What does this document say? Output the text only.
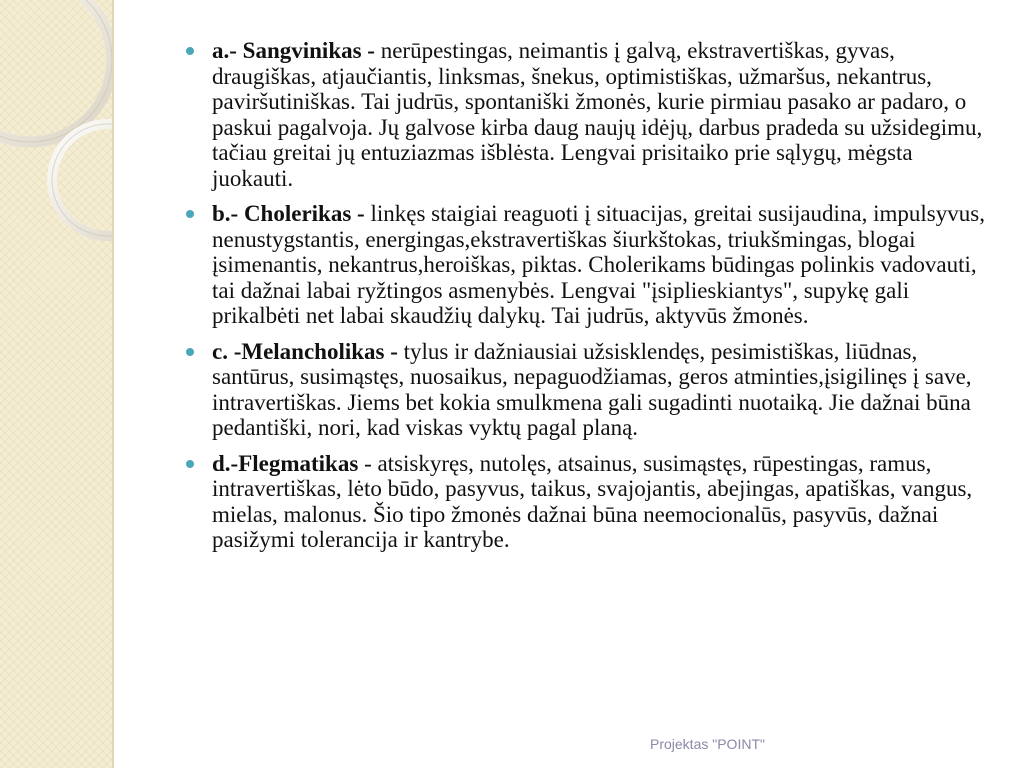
a.- Sangvinikas - nerūpestingas, neimantis į galvą, ekstravertiškas, gyvas, draugiškas, atjaučiantis, linksmas, šnekus, optimistiškas, užmaršus, nekantrus, paviršutiniškas. Tai judrūs, spontaniški žmonės, kurie pirmiau pasako ar padaro, o paskui pagalvoja. Jų galvose kirba daug naujų idėjų, darbus pradeda su užsidegimu, tačiau greitai jų entuziazmas išblėsta. Lengvai prisitaiko prie sąlygų, mėgsta juokauti.
b.- Cholerikas - linkęs staigiai reaguoti į situacijas, greitai susijaudina, impulsyvus, nenustygstantis, energingas,ekstravertiškas šiurkštokas, triukšmingas, blogai įsimenantis, nekantrus,heroiškas, piktas. Cholerikams būdingas polinkis vadovauti, tai dažnai labai ryžtingos asmenybės. Lengvai "įsiplieskiantys", supykę gali prikalbėti net labai skaudžių dalykų. Tai judrūs, aktyvūs žmonės.
c. -Melancholikas - tylus ir dažniausiai užsisklendęs, pesimistiškas, liūdnas, santūrus, susimąstęs, nuosaikus, nepaguodžiamas, geros atminties,įsigilinęs į save, intravertiškas. Jiems bet kokia smulkmena gali sugadinti nuotaiką. Jie dažnai būna pedantiški, nori, kad viskas vyktų pagal planą.
d.-Flegmatikas - atsiskyręs, nutolęs, atsainus, susimąstęs, rūpestingas, ramus, intravertiškas, lėto būdo, pasyvus, taikus, svajojantis, abejingas, apatiškas, vangus, mielas, malonus. Šio tipo žmonės dažnai būna neemocionalūs, pasyvūs, dažnai pasižymi tolerancija ir kantrybe.
Projektas "POINT"
